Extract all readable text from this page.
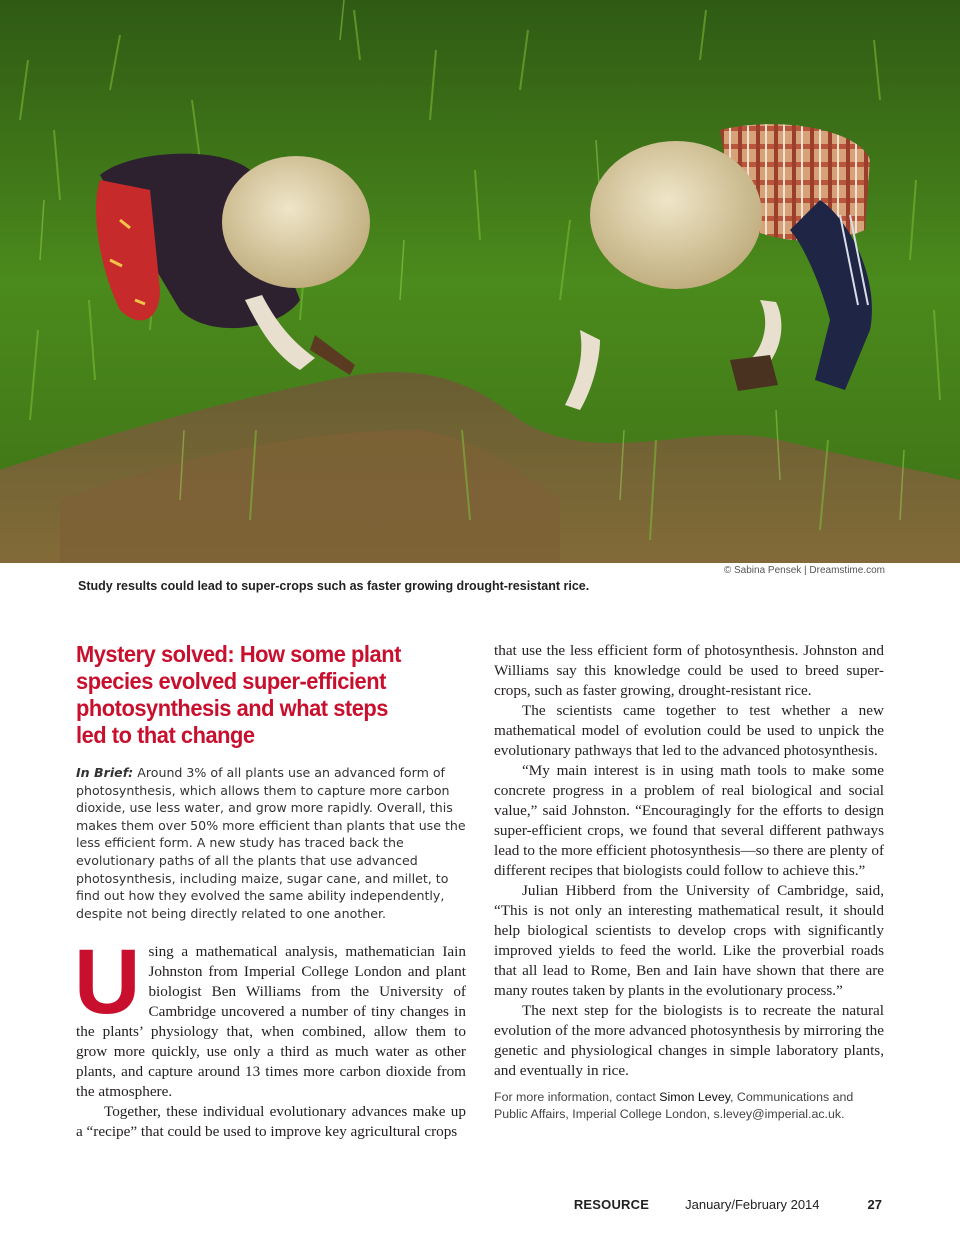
© Sabina Pensek | Dreamstime.com
Study results could lead to super-crops such as faster growing drought-resistant rice.
Mystery solved: How some plant species evolved super-efficient photosynthesis and what steps led to that change
In Brief: Around 3% of all plants use an advanced form of photosynthesis, which allows them to capture more carbon dioxide, use less water, and grow more rapidly. Overall, this makes them over 50% more efficient than plants that use the less efficient form. A new study has traced back the evolutionary paths of all the plants that use advanced photosynthesis, including maize, sugar cane, and millet, to find out how they evolved the same ability independently, despite not being directly related to one another.

Using a mathematical analysis, mathematician Iain Johnston from Imperial College London and plant biologist Ben Williams from the University of Cambridge uncovered a number of tiny changes in the plants’ physiology that, when combined, allow them to grow more quickly, use only a third as much water as other plants, and capture around 13 times more carbon dioxide from the atmosphere.

Together, these individual evolutionary advances make up a “recipe” that could be used to improve key agricultural crops

that use the less efficient form of photosynthesis. Johnston and Williams say this knowledge could be used to breed super-crops, such as faster growing, drought-resistant rice.

The scientists came together to test whether a new mathematical model of evolution could be used to unpick the evolutionary pathways that led to the advanced photosynthesis.

“My main interest is in using math tools to make some concrete progress in a problem of real biological and social value,” said Johnston. “Encouragingly for the efforts to design super-efficient crops, we found that several different pathways lead to the more efficient photosynthesis—so there are plenty of different recipes that biologists could follow to achieve this.”

Julian Hibberd from the University of Cambridge, said, “This is not only an interesting mathematical result, it should help biological scientists to develop crops with significantly improved yields to feed the world. Like the proverbial roads that all lead to Rome, Ben and Iain have shown that there are many routes taken by plants in the evolutionary process.”

The next step for the biologists is to recreate the natural evolution of the more advanced photosynthesis by mirroring the genetic and physiological changes in simple laboratory plants, and eventually in rice.

For more information, contact Simon Levey, Communications and Public Affairs, Imperial College London, s.levey@imperial.ac.uk.
RESOURCE	January/February 2014	27
